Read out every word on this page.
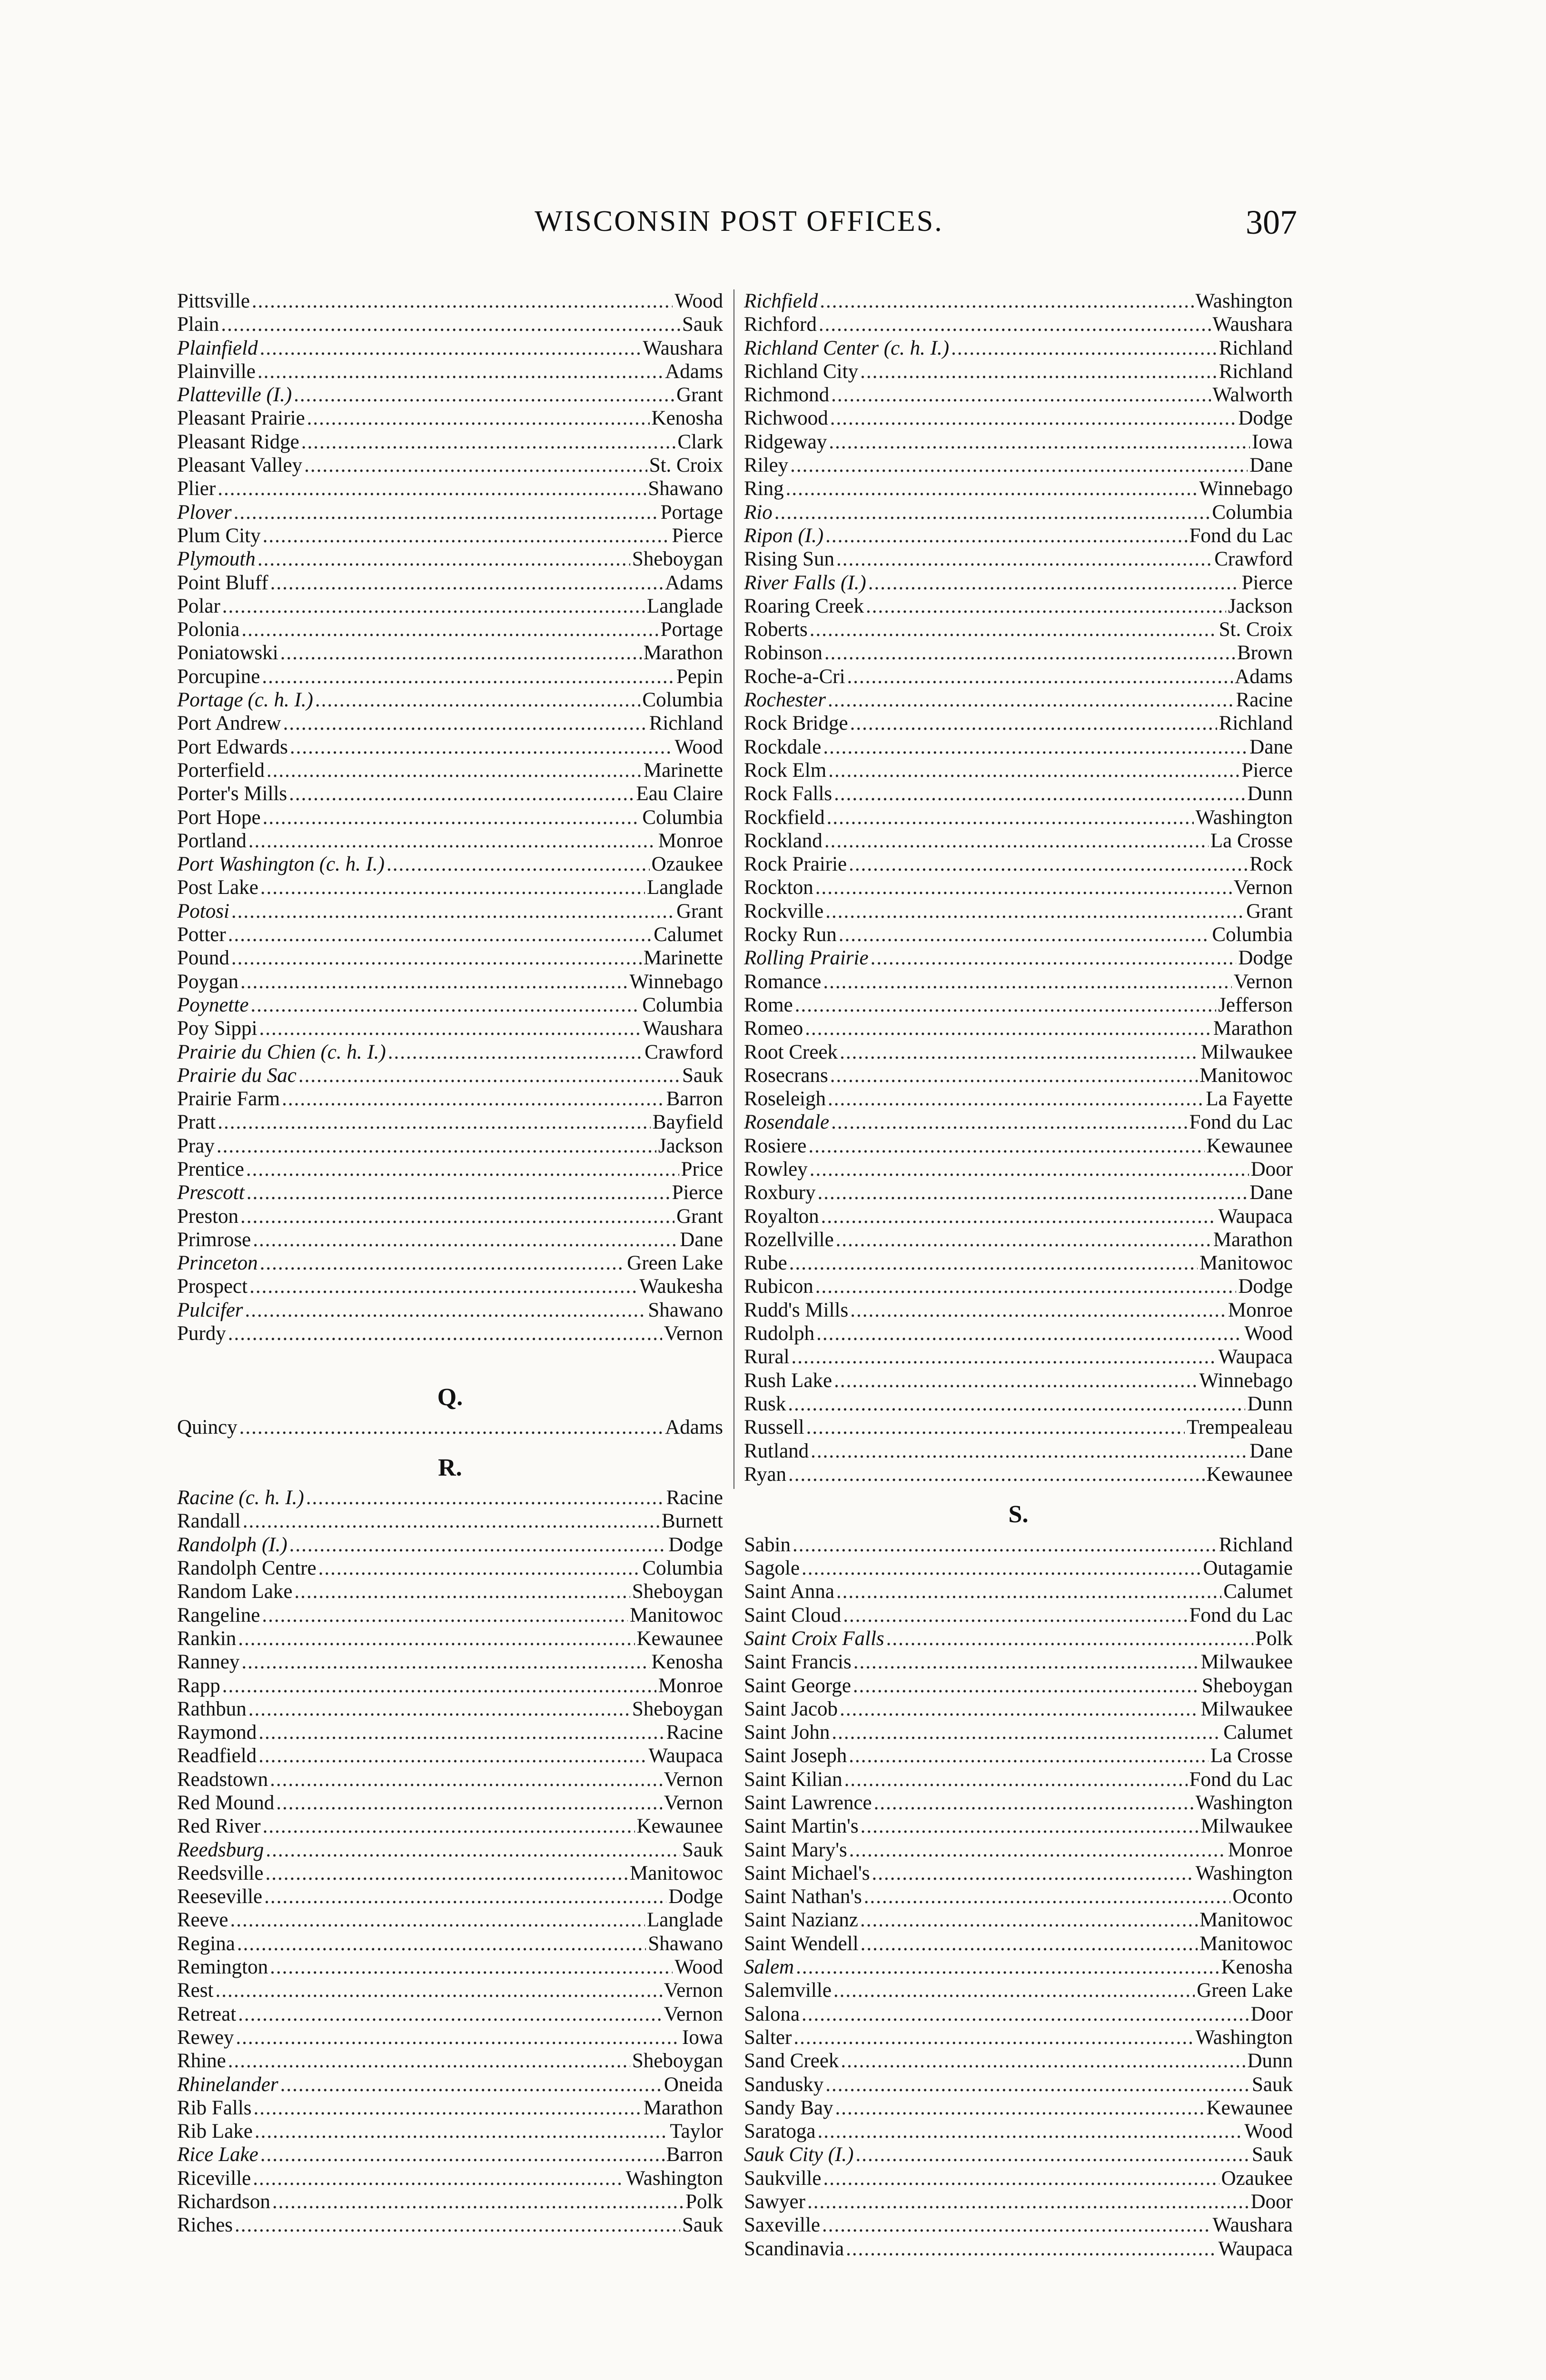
WISCONSIN POST OFFICES.	307
Pittsville .....	Wood
Plain .....	Sauk
Plainfield .....	Waushara
Plainville .....	Adams
Platteville (I.) .....	Grant
Pleasant Prairie .....	Kenosha
Pleasant Ridge .....	Clark
Pleasant Valley .....	St. Croix
Plier .....	Shawano
Plover .....	Portage
Plum City .....	Pierce
Plymouth .....	Sheboygan
Point Bluff .....	Adams
Polar .....	Langlade
Polonia .....	Portage
Poniatowski .....	Marathon
Porcupine .....	Pepin
Portage (c. h. I.) .....	Columbia
Port Andrew .....	Richland
Port Edwards .....	Wood
Porterfield .....	Marinette
Porter's Mills .....	Eau Claire
Port Hope .....	Columbia
Portland .....	Monroe
Port Washington (c. h. I.) .....	Ozaukee
Post Lake .....	Langlade
Potosi .....	Grant
Potter .....	Calumet
Pound .....	Marinette
Poygan .....	Winnebago
Poynette .....	Columbia
Poy Sippi .....	Waushara
Prairie du Chien (c. h. I.) .....	Crawford
Prairie du Sac .....	Sauk
Prairie Farm .....	Barron
Pratt .....	Bayfield
Pray .....	Jackson
Prentice .....	Price
Prescott .....	Pierce
Preston .....	Grant
Primrose .....	Dane
Princeton .....	Green Lake
Prospect .....	Waukesha
Pulcifer .....	Shawano
Purdy .....	Vernon
Q.
Quincy .....	Adams
R.
Racine (c. h. I.) .....	Racine
Randall .....	Burnett
Randolph (I.) .....	Dodge
Randolph Centre .....	Columbia
Random Lake .....	Sheboygan
Rangeline .....	Manitowoc
Rankin .....	Kewaunee
Ranney .....	Kenosha
Rapp .....	Monroe
Rathbun .....	Sheboygan
Raymond .....	Racine
Readfield .....	Waupaca
Readstown .....	Vernon
Red Mound .....	Vernon
Red River .....	Kewaunee
Reedsburg .....	Sauk
Reedsville .....	Manitowoc
Reeseville .....	Dodge
Reeve .....	Langlade
Regina .....	Shawano
Remington .....	Wood
Rest .....	Vernon
Retreat .....	Vernon
Rewey .....	Iowa
Rhine .....	Sheboygan
Rhinelander .....	Oneida
Rib Falls .....	Marathon
Rib Lake .....	Taylor
Rice Lake .....	Barron
Riceville .....	Washington
Richardson .....	Polk
Riches .....	Sauk
Richfield .....	Washington
Richford .....	Waushara
Richland Center (c. h. I.) .....	Richland
Richland City .....	Richland
Richmond .....	Walworth
Richwood .....	Dodge
Ridgeway .....	Iowa
Riley .....	Dane
Ring .....	Winnebago
Rio .....	Columbia
Ripon (I.) .....	Fond du Lac
Rising Sun .....	Crawford
River Falls (I.) .....	Pierce
Roaring Creek .....	Jackson
Roberts .....	St. Croix
Robinson .....	Brown
Roche-a-Cri .....	Adams
Rochester .....	Racine
Rock Bridge .....	Richland
Rockdale .....	Dane
Rock Elm .....	Pierce
Rock Falls .....	Dunn
Rockfield .....	Washington
Rockland .....	La Crosse
Rock Prairie .....	Rock
Rockton .....	Vernon
Rockville .....	Grant
Rocky Run .....	Columbia
Rolling Prairie .....	Dodge
Romance .....	Vernon
Rome .....	Jefferson
Romeo .....	Marathon
Root Creek .....	Milwaukee
Rosecrans .....	Manitowoc
Roseleigh .....	La Fayette
Rosendale .....	Fond du Lac
Rosiere .....	Kewaunee
Rowley .....	Door
Roxbury .....	Dane
Royalton .....	Waupaca
Rozellville .....	Marathon
Rube .....	Manitowoc
Rubicon .....	Dodge
Rudd's Mills .....	Monroe
Rudolph .....	Wood
Rural .....	Waupaca
Rush Lake .....	Winnebago
Rusk .....	Dunn
Russell .....	Trempealeau
Rutland .....	Dane
Ryan .....	Kewaunee
S.
Sabin .....	Richland
Sagole .....	Outagamie
Saint Anna .....	Calumet
Saint Cloud .....	Fond du Lac
Saint Croix Falls .....	Polk
Saint Francis .....	Milwaukee
Saint George .....	Sheboygan
Saint Jacob .....	Milwaukee
Saint John .....	Calumet
Saint Joseph .....	La Crosse
Saint Kilian .....	Fond du Lac
Saint Lawrence .....	Washington
Saint Martin's .....	Milwaukee
Saint Mary's .....	Monroe
Saint Michael's .....	Washington
Saint Nathan's .....	Oconto
Saint Nazianz .....	Manitowoc
Saint Wendell .....	Manitowoc
Salem .....	Kenosha
Salemville .....	Green Lake
Salona .....	Door
Salter .....	Washington
Sand Creek .....	Dunn
Sandusky .....	Sauk
Sandy Bay .....	Kewaunee
Saratoga .....	Wood
Sauk City (I.) .....	Sauk
Saukville .....	Ozaukee
Sawyer .....	Door
Saxeville .....	Waushara
Scandinavia .....	Waupaca
